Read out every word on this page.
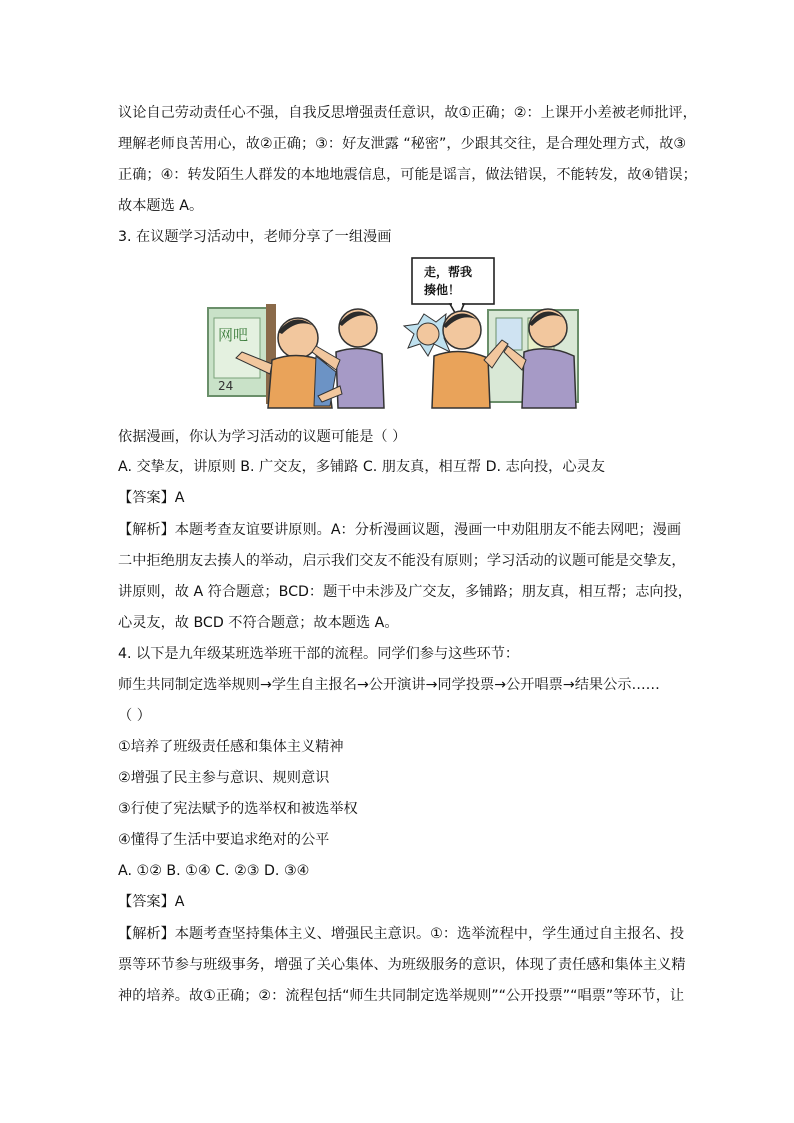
议论自己劳动责任心不强，自我反思增强责任意识，故①正确；②：上课开小差被老师批评，
理解老师良苦用心，故②正确；③：好友泄露 “秘密”，少跟其交往，是合理处理方式，故③
正确；④：转发陌生人群发的本地地震信息，可能是谣言，做法错误，不能转发，故④错误；
故本题选 A。
3. 在议题学习活动中，老师分享了一组漫画
网吧
24
走，帮我
揍他！
依据漫画，你认为学习活动的议题可能是（ ）
A. 交挚友，讲原则 B. 广交友，多铺路 C. 朋友真，相互帮 D. 志向投，心灵友
【答案】A
【解析】本题考查友谊要讲原则。A：分析漫画议题，漫画一中劝阻朋友不能去网吧；漫画
二中拒绝朋友去揍人的举动，启示我们交友不能没有原则；学习活动的议题可能是交挚友，
讲原则，故 A 符合题意；BCD：题干中未涉及广交友，多铺路；朋友真，相互帮；志向投，
心灵友，故 BCD 不符合题意；故本题选 A。
4. 以下是九年级某班选举班干部的流程。同学们参与这些环节：
师生共同制定选举规则→学生自主报名→公开演讲→同学投票→公开唱票→结果公示……
（ ）
①培养了班级责任感和集体主义精神
②增强了民主参与意识、规则意识
③行使了宪法赋予的选举权和被选举权
④懂得了生活中要追求绝对的公平
A. ①② B. ①④ C. ②③ D. ③④
【答案】A
【解析】本题考查坚持集体主义、增强民主意识。①：选举流程中，学生通过自主报名、投
票等环节参与班级事务，增强了关心集体、为班级服务的意识，体现了责任感和集体主义精
神的培养。故①正确；②：流程包括“师生共同制定选举规则”“公开投票”“唱票”等环节，让
